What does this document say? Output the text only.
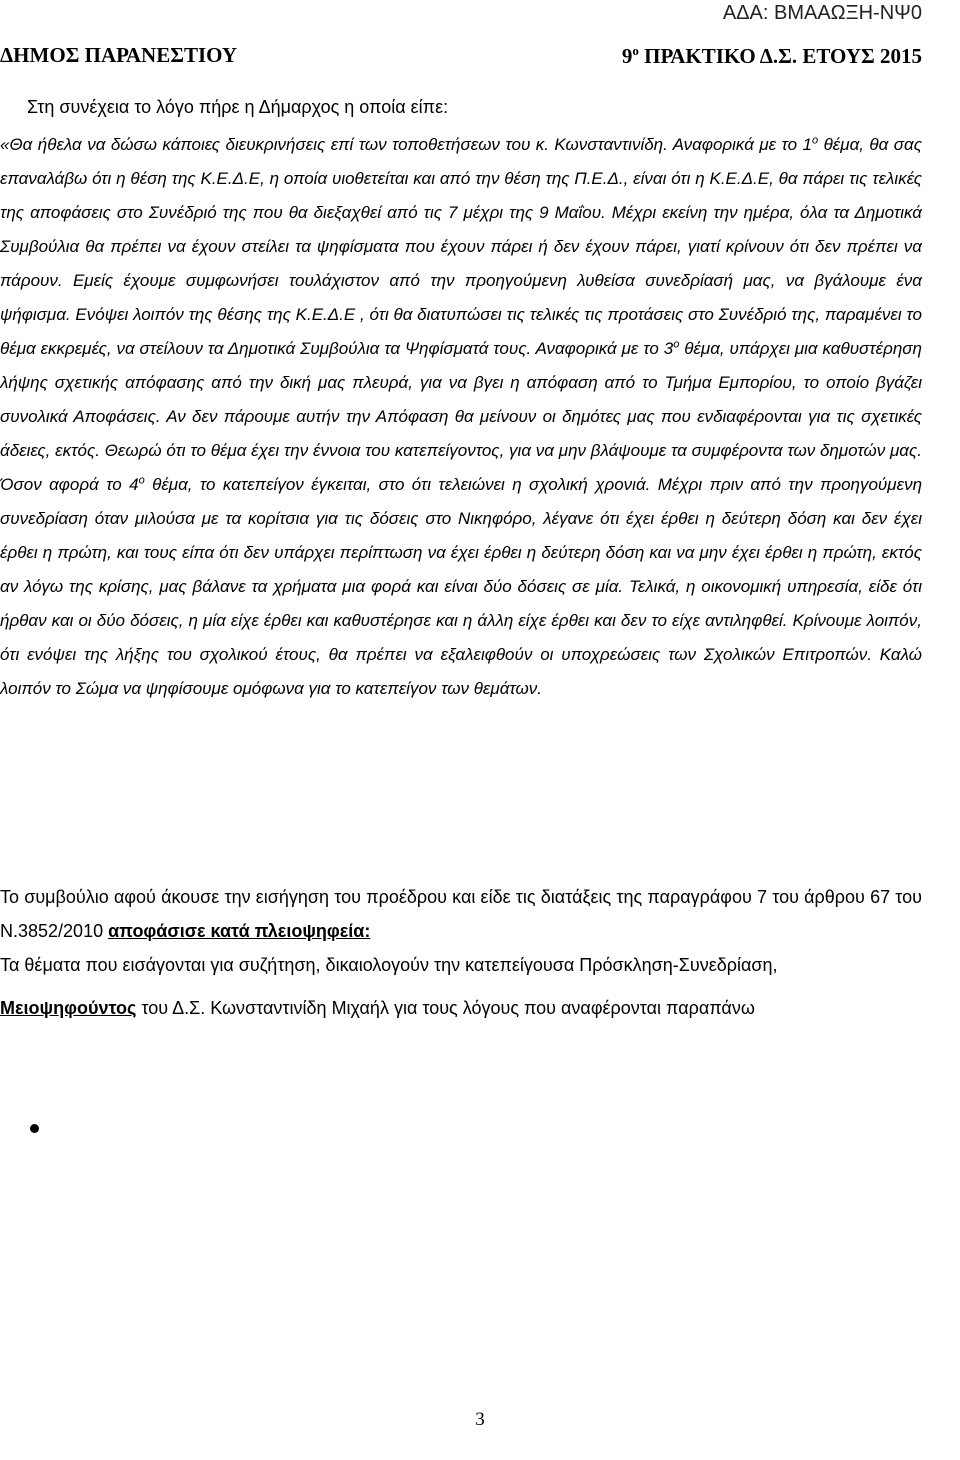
ΑΔΑ: ΒΜΑΑΩΞΗ-ΝΨ0
ΔΗΜΟΣ ΠΑΡΑΝΕΣΤΙΟΥ	$9^o$ ΠΡΑΚΤΙΚΟ Δ.Σ. ΕΤΟΥΣ 2015
Στη συνέχεια το λόγο πήρε η Δήμαρχος η οποία είπε:

«Θα ήθελα να δώσω κάποιες διευκρινήσεις επί των τοποθετήσεων του κ. Κωνσταντινίδη. Αναφορικά με το $1^o$ θέμα, θα σας επαναλάβω ότι η θέση της Κ.Ε.Δ.Ε, η οποία υιοθετείται και από την θέση της Π.Ε.Δ., είναι ότι η Κ.Ε.Δ.Ε, θα πάρει τις τελικές της αποφάσεις στο Συνέδριό της που θα διεξαχθεί από τις 7 μέχρι της 9 Μαΐου. Μέχρι εκείνη την ημέρα, όλα τα Δημοτικά Συμβούλια θα πρέπει να έχουν στείλει τα ψηφίσματα που έχουν πάρει ή δεν έχουν πάρει, γιατί κρίνουν ότι δεν πρέπει να πάρουν. Εμείς έχουμε συμφωνήσει τουλάχιστον από την προηγούμενη λυθείσα συνεδρίασή μας, να βγάλουμε ένα ψήφισμα. Ενόψει λοιπόν της θέσης της Κ.Ε.Δ.Ε , ότι θα διατυπώσει τις τελικές τις προτάσεις στο Συνέδριό της, παραμένει το θέμα εκκρεμές, να στείλουν τα Δημοτικά Συμβούλια τα Ψηφίσματά τους. Αναφορικά με το $3^o$ θέμα, υπάρχει μια καθυστέρηση λήψης σχετικής απόφασης από την δική μας πλευρά, για να βγει η απόφαση από το Τμήμα Εμπορίου, το οποίο βγάζει συνολικά Αποφάσεις. Αν δεν πάρουμε αυτήν την Απόφαση θα μείνουν οι δημότες μας που ενδιαφέρονται για τις σχετικές άδειες, εκτός. Θεωρώ ότι το θέμα έχει την έννοια του κατεπείγοντος, για να μην βλάψουμε τα συμφέροντα των δημοτών μας. Όσον αφορά το $4^o$ θέμα, το κατεπείγον έγκειται, στο ότι τελειώνει η σχολική χρονιά. Μέχρι πριν από την προηγούμενη συνεδρίαση όταν μιλούσα με τα κορίτσια για τις δόσεις στο Νικηφόρο, λέγανε ότι έχει έρθει η δεύτερη δόση και δεν έχει έρθει η πρώτη, και τους είπα ότι δεν υπάρχει περίπτωση να έχει έρθει η δεύτερη δόση και να μην έχει έρθει η πρώτη, εκτός αν λόγω της κρίσης, μας βάλανε τα χρήματα μια φορά και είναι δύο δόσεις σε μία. Τελικά, η οικονομική υπηρεσία, είδε ότι ήρθαν και οι δύο δόσεις, η μία είχε έρθει και καθυστέρησε και η άλλη είχε έρθει και δεν το είχε αντιληφθεί. Κρίνουμε λοιπόν, ότι ενόψει της λήξης του σχολικού έτους, θα πρέπει να εξαλειφθούν οι υποχρεώσεις των Σχολικών Επιτροπών. Καλώ λοιπόν το Σώμα να ψηφίσουμε ομόφωνα για το κατεπείγον των θεμάτων.

Το συμβούλιο αφού άκουσε την εισήγηση του προέδρου και είδε τις διατάξεις της παραγράφου 7 του άρθρου 67 του Ν.3852/2010 αποφάσισε κατά πλειοψηφεία:

Τα θέματα που εισάγονται για συζήτηση, δικαιολογούν την κατεπείγουσα Πρόσκληση-Συνεδρίαση,

Μειοψηφούντος του Δ.Σ. Κωνσταντινίδη Μιχαήλ για τους λόγους που αναφέρονται παραπάνω

3
